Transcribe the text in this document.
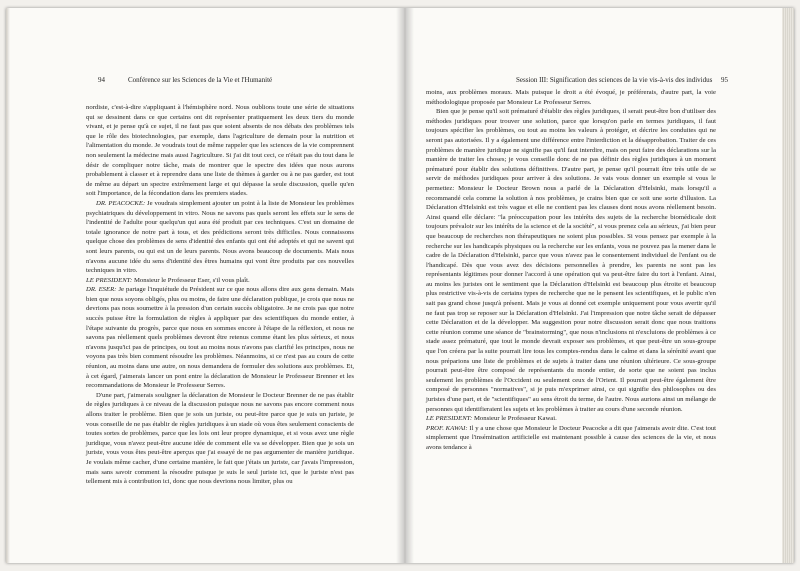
94	Conférence sur les Sciences de la Vie et l'Humanité

nordiste, c'est-à-dire s'appliquant à l'hémisphère nord. Nous oublions toute une série de situations qui se dessinent dans ce que certains ont dit représenter pratiquement les deux tiers du monde vivant, et je pense qu'à ce sujet, il ne faut pas que soient absents de nos débats des problèmes tels que le rôle des biotechnologies, par exemple, dans l'agriculture de demain pour la nutrition et l'alimentation du monde. Je voudrais tout de même rappeler que les sciences de la vie comprennent non seulement la médecine mais aussi l'agriculture. Si j'ai dit tout ceci, ce n'était pas du tout dans le désir de compliquer notre tâche, mais de montrer que le spectre des idées que nous aurons probablement à classer et à reprendre dans une liste de thèmes à garder ou à ne pas garder, est tout de même au départ un spectre extrêmement large et qui dépasse la seule discussion, quelle qu'en soit l'importance, de la fécondation dans les premiers stades.

DR. PEACOCKE: Je voudrais simplement ajouter un point à la liste de Monsieur les problèmes psychiatriques du développement in vitro. Nous ne savons pas quels seront les effets sur le sens de l'indentité de l'adulte pour quelqu'un qui aura été produit par ces techniques. C'est un domaine de totale ignorance de notre part à tous, et des prédictions seront très difficiles. Nous connaissons quelque chose des problèmes de sens d'identité des enfants qui ont été adoptés et qui ne savent qui sont leurs parents, ou qui est un de leurs parents. Nous avons beaucoup de documents. Mais nous n'avons aucune idée du sens d'identité des êtres humains qui vont être produits par ces nouvelles techniques in vitro.

LE PRESIDENT: Monsieur le Professeur Eser, s'il vous plaît.

DR. ESER: Je partage l'inquiétude du Président sur ce que nous allons dire aux gens demain. Mais bien que nous soyons obligés, plus ou moins, de faire une déclaration publique, je crois que nous ne devrions pas nous soumettre à la pression d'un certain succès obligatoire. Je ne crois pas que notre succès puisse être la formulation de règles à appliquer par des scientifiques du monde entier, à l'étape suivante du progrès, parce que nous en sommes encore à l'étape de la réflexion, et nous ne savons pas réellement quels problèmes devront être retenus comme étant les plus sérieux, et nous n'avons jusqu'ici pas de principes, ou tout au moins nous n'avons pas clarifié les principes, nous ne voyons pas très bien comment résoudre les problèmes. Néanmoins, si ce n'est pas au cours de cette réunion, au moins dans une autre, on nous demandera de formuler des solutions aux problèmes. Et, à cet égard, j'aimerais lancer un pont entre la déclaration de Monsieur le Professeur Brenner et les recommandations de Monsieur le Professeur Serres.

D'une part, j'aimerais souligner la déclaration de Monsieur le Docteur Brenner de ne pas établir de règles juridiques à ce niveau de la discussion puisque nous ne savons pas encore comment nous allons traiter le problème. Bien que je sois un juriste, ou peut-être parce que je suis un juriste, je vous conseille de ne pas établir de règles juridiques à un stade où vous êtes seulement conscients de toutes sortes de problèmes, parce que les lois ont leur propre dynamique, et si vous avez une règle juridique, vous n'avez peut-être aucune idée de comment elle va se développer. Bien que je sois un juriste, vous vous êtes peut-être aperçus que j'ai essayé de ne pas argumenter de manière juridique. Je voulais même cacher, d'une certaine manière, le fait que j'étais un juriste, car j'avais l'impression, mais sans savoir comment la résoudre puisque je suis le seul juriste ici, que le juriste n'est pas tellement mis à contribution ici, donc que nous devrions nous limiter, plus ou

Session III: Signification des sciences de la vie vis-à-vis des individus 95

moins, aux problèmes moraux. Mais puisque le droit a été évoqué, je préférerais, d'autre part, la voie méthodologique proposée par Monsieur Le Professeur Serres.

Bien que je pense qu'il soit prématuré d'établir des règles juridiques, il serait peut-être bon d'utiliser des méthodes juridiques pour trouver une solution, parce que lorsqu'on parle en termes juridiques, il faut toujours spécifier les problèmes, ou tout au moins les valeurs à protéger, et décrire les conduites qui ne seront pas autorisées. Il y a également une différence entre l'interdiction et la désapprobation. Traiter de ces problèmes de manière juridique ne signifie pas qu'il faut interdire, mais on peut faire des déclarations sur la manière de traiter les choses; je vous conseille donc de ne pas définir des règles juridiques à un moment prématuré pour établir des solutions définitives. D'autre part, je pense qu'il pourrait être très utile de se servir de méthodes juridiques pour arriver à des solutions. Je vais vous donner un exemple si vous le permettez: Monsieur le Docteur Brown nous a parlé de la Déclaration d'Helsinki, mais lorsqu'il a recommandé cela comme la solution à nos problèmes, je crains bien que ce soit une sorte d'illusion. La Déclaration d'Helsinki est très vague et elle ne contient pas les clauses dont nous avons réellement besoin. Ainsi quand elle déclare: "la préoccupation pour les intérêts des sujets de la recherche biomédicale doit toujours prévaloir sur les intérêts de la science et de la société", si vous prenez cela au sérieux, j'ai bien peur que beaucoup de recherches non thérapeutiques ne soient plus possibles. Si vous pensez par exemple à la recherche sur les handicapés physiques ou la recherche sur les enfants, vous ne pouvez pas la mener dans le cadre de la Déclaration d'Helsinki, parce que vous n'avez pas le consentement individuel de l'enfant ou de l'handicapé. Dès que vous avez des décisions personnelles à prendre, les parents ne sont pas les représentants légitimes pour donner l'accord à une opération qui va peut-être faire du tort à l'enfant. Ainsi, au moins les juristes ont le sentiment que la Déclaration d'Helsinki est beaucoup plus étroite et beaucoup plus restrictive vis-à-vis de certains types de recherche que ne le pensent les scientifiques, et le public n'en sait pas grand chose jusqu'à présent. Mais je vous ai donné cet exemple uniquement pour vous avertir qu'il ne faut pas trop se reposer sur la Déclaration d'Helsinki. J'ai l'impression que notre tâche serait de dépasser cette Déclaration et de la développer. Ma suggestion pour notre discussion serait donc que nous traitions cette réunion comme une séance de "brainstorming", que nous n'inclusions ni n'excluions de problèmes à ce stade assez prématuré, que tout le monde devrait exposer ses problèmes, et que peut-être un sous-groupe que l'on créera par la suite pourrait lire tous les comptes-rendus dans le calme et dans la sérénité avant que nous préparions une liste de problèmes et de sujets à traiter dans une réunion ultérieure. Ce sous-groupe pourrait peut-être être composé de représentants du monde entier, de sorte que ne soient pas inclus seulement les problèmes de l'Occident ou seulement ceux de l'Orient. Il pourrait peut-être également être composé de personnes "normatives", si je puis m'exprimer ainsi, ce qui signifie des philosophes ou des juristes d'une part, et de "scientifiques" au sens étroit du terme, de l'autre. Nous aurions ainsi un mélange de personnes qui identifieraient les sujets et les problèmes à traiter au cours d'une seconde réunion.

LE PRESIDENT: Monsieur le Professeur Kawai.

PROF. KAWAI: Il y a une chose que Monsieur le Docteur Peacocke a dit que j'aimerais avoir dite. C'est tout simplement que l'insémination artificielle est maintenant possible à cause des sciences de la vie, et nous avons tendance à
